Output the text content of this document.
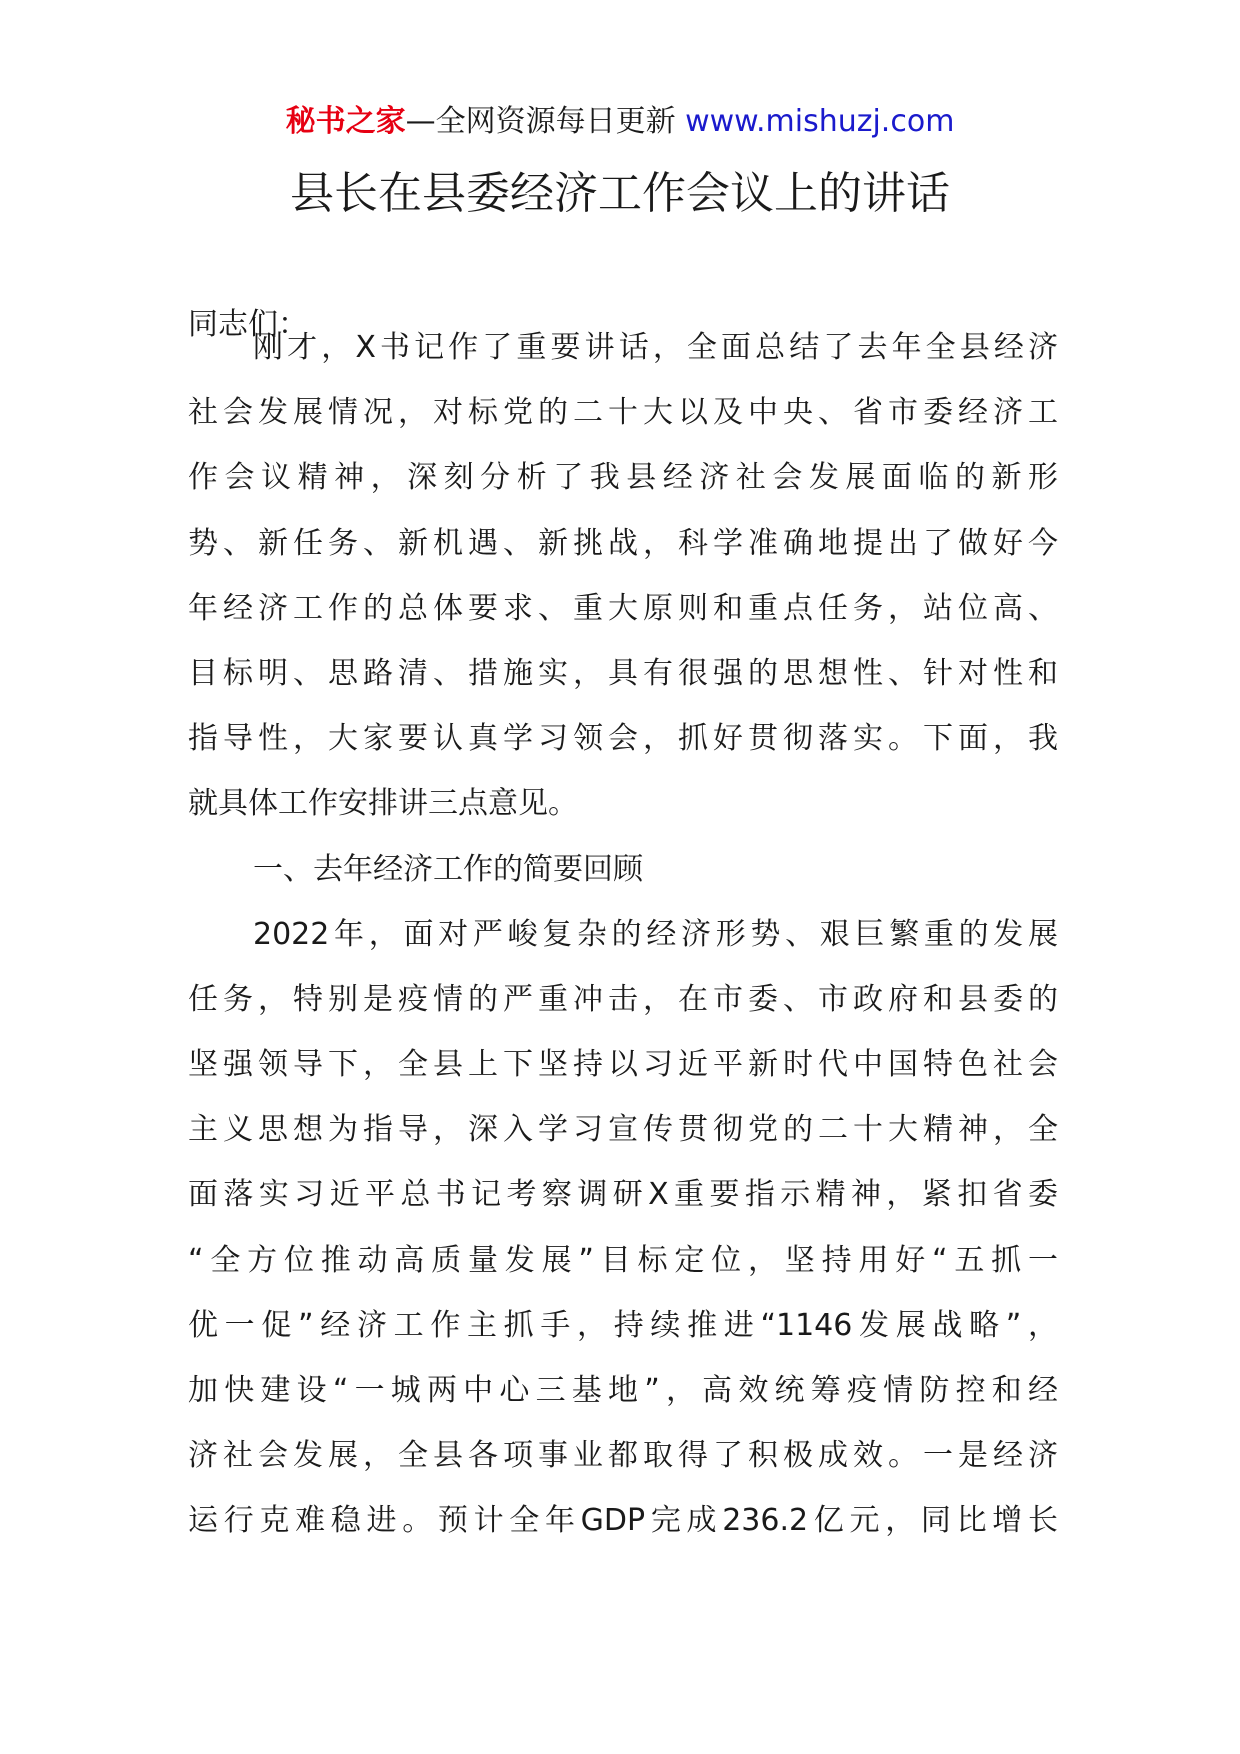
秘书之家—全网资源每日更新 www.mishuzj.com
县长在县委经济工作会议上的讲话
同志们：
刚才，X书记作了重要讲话，全面总结了去年全县经济
社会发展情况，对标党的二十大以及中央、省市委经济工
作会议精神，深刻分析了我县经济社会发展面临的新形
势、新任务、新机遇、新挑战，科学准确地提出了做好今
年经济工作的总体要求、重大原则和重点任务，站位高、
目标明、思路清、措施实，具有很强的思想性、针对性和
指导性，大家要认真学习领会，抓好贯彻落实。下面，我
就具体工作安排讲三点意见。
一、去年经济工作的简要回顾
2022年，面对严峻复杂的经济形势、艰巨繁重的发展
任务，特别是疫情的严重冲击，在市委、市政府和县委的
坚强领导下，全县上下坚持以习近平新时代中国特色社会
主义思想为指导，深入学习宣传贯彻党的二十大精神，全
面落实习近平总书记考察调研X重要指示精神，紧扣省委
“全方位推动高质量发展”目标定位，坚持用好“五抓一
优一促”经济工作主抓手，持续推进“1146发展战略”，
加快建设“一城两中心三基地”，高效统筹疫情防控和经
济社会发展，全县各项事业都取得了积极成效。一是经济
运行克难稳进。预计全年GDP完成236.2亿元，同比增长
